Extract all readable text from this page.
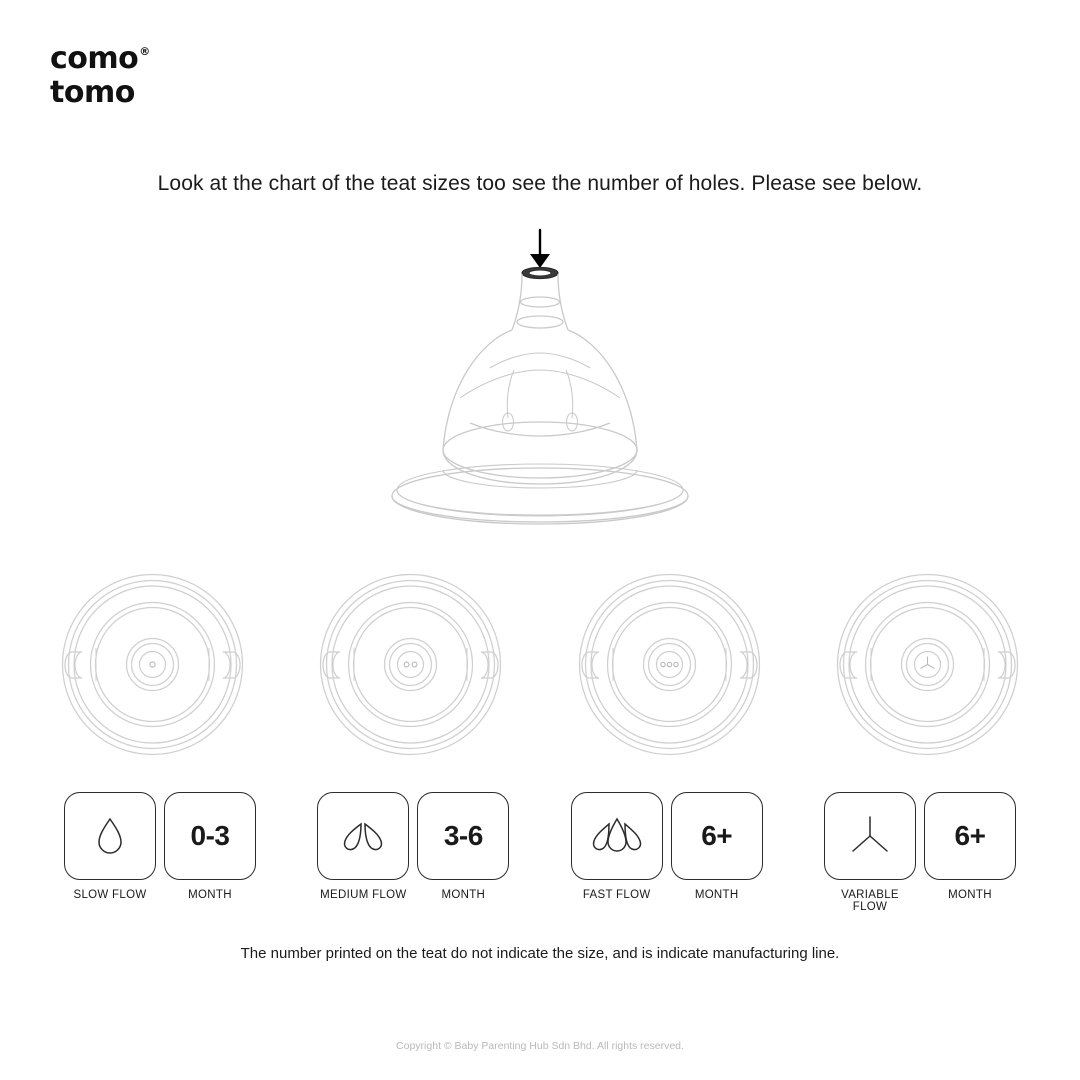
como®
tomo
Look at the chart of the teat sizes too see the number of holes. Please see below.
0-3
SLOW FLOW	MONTH
3-6
MEDIUM FLOW	MONTH
6+
FAST FLOW	MONTH
6+
VARIABLE FLOW
MONTH
The number printed on the teat do not indicate the size, and is indicate manufacturing line.
Copyright © Baby Parenting Hub Sdn Bhd. All rights reserved.
